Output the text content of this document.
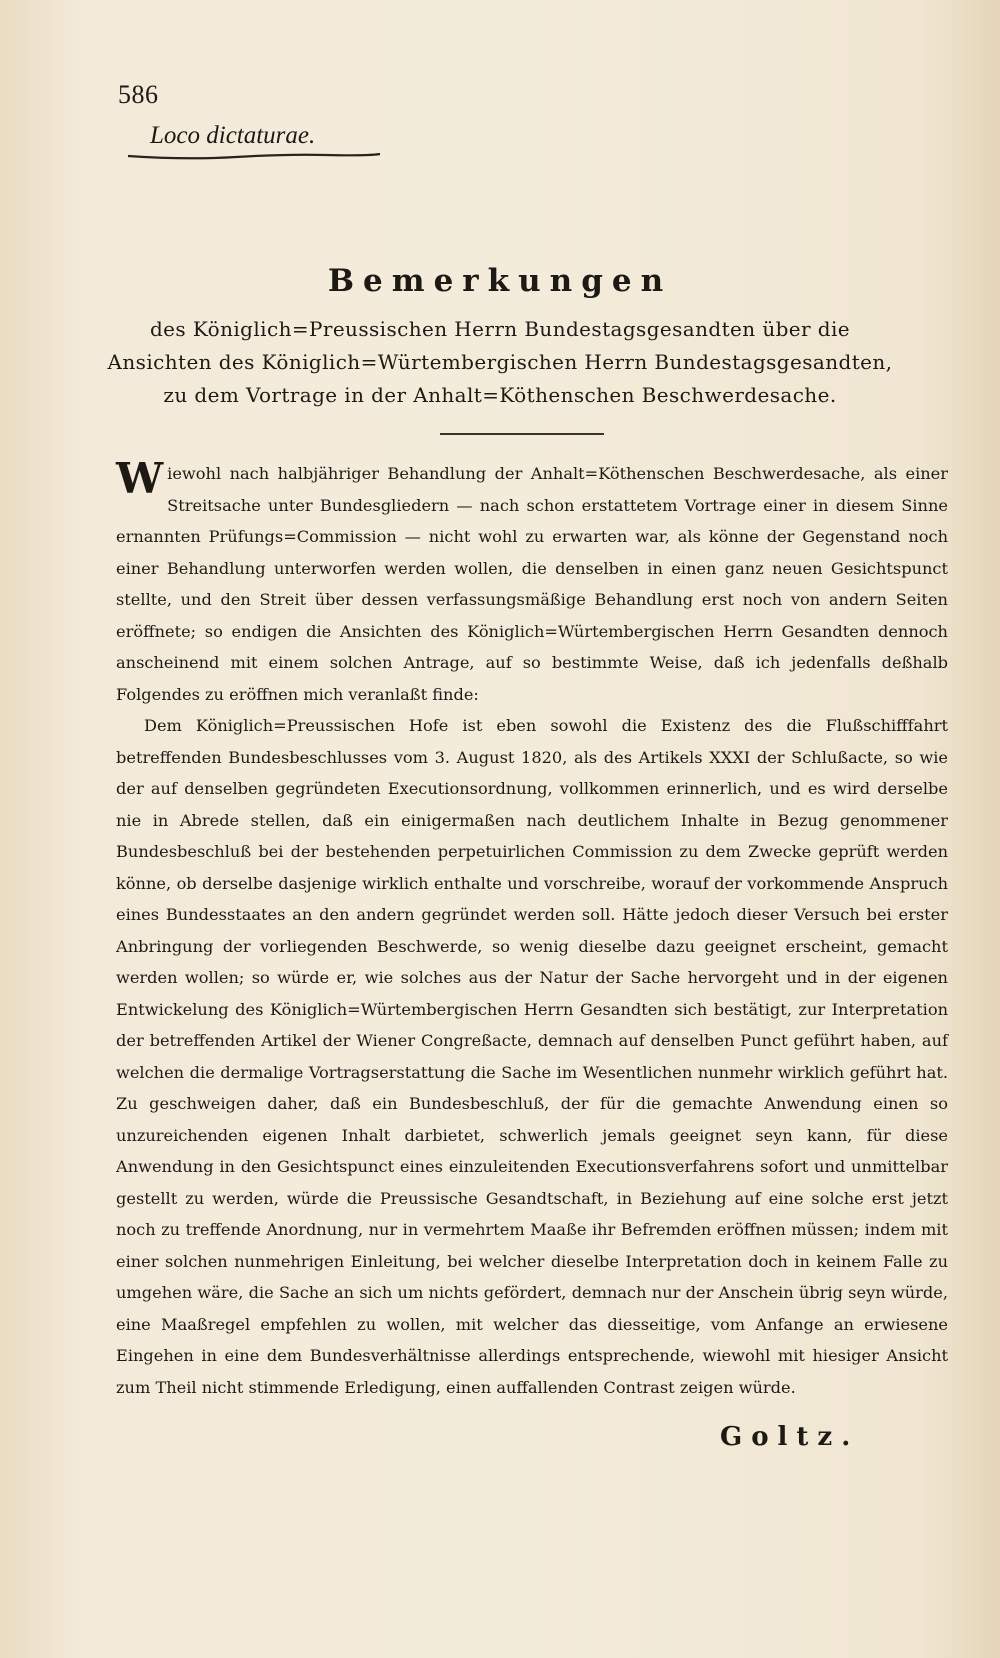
586
Loco dictaturae.
Bemerkungen
des Königlich=Preussischen Herrn Bundestagsgesandten über die Ansichten des Königlich=Würtembergischen Herrn Bundestagsgesandten, zu dem Vortrage in der Anhalt=Köthenschen Beschwerdesache.

Wiewohl nach halbjähriger Behandlung der Anhalt=Köthenschen Beschwerdesache, als einer Streitsache unter Bundesgliedern — nach schon erstattetem Vortrage einer in diesem Sinne ernannten Prüfungs=Commission — nicht wohl zu erwarten war, als könne der Gegenstand noch einer Behandlung unterworfen werden wollen, die denselben in einen ganz neuen Gesichtspunct stellte, und den Streit über dessen verfassungsmäßige Behandlung erst noch von andern Seiten eröffnete; so endigen die Ansichten des Königlich=Würtembergischen Herrn Gesandten dennoch anscheinend mit einem solchen Antrage, auf so bestimmte Weise, daß ich jedenfalls deßhalb Folgendes zu eröffnen mich veranlaßt finde:

Dem Königlich=Preussischen Hofe ist eben sowohl die Existenz des die Flußschifffahrt betreffenden Bundesbeschlusses vom 3. August 1820, als des Artikels XXXI der Schlußacte, so wie der auf denselben gegründeten Executionsordnung, vollkommen erinnerlich, und es wird derselbe nie in Abrede stellen, daß ein einigermaßen nach deutlichem Inhalte in Bezug genommener Bundesbeschluß bei der bestehenden perpetuirlichen Commission zu dem Zwecke geprüft werden könne, ob derselbe dasjenige wirklich enthalte und vorschreibe, worauf der vorkommende Anspruch eines Bundesstaates an den andern gegründet werden soll. Hätte jedoch dieser Versuch bei erster Anbringung der vorliegenden Beschwerde, so wenig dieselbe dazu geeignet erscheint, gemacht werden wollen; so würde er, wie solches aus der Natur der Sache hervorgeht und in der eigenen Entwickelung des Königlich=Würtembergischen Herrn Gesandten sich bestätigt, zur Interpretation der betreffenden Artikel der Wiener Congreßacte, demnach auf denselben Punct geführt haben, auf welchen die dermalige Vortragserstattung die Sache im Wesentlichen nunmehr wirklich geführt hat. Zu geschweigen daher, daß ein Bundesbeschluß, der für die gemachte Anwendung einen so unzureichenden eigenen Inhalt darbietet, schwerlich jemals geeignet seyn kann, für diese Anwendung in den Gesichtspunct eines einzuleitenden Executionsverfahrens sofort und unmittelbar gestellt zu werden, würde die Preussische Gesandtschaft, in Beziehung auf eine solche erst jetzt noch zu treffende Anordnung, nur in vermehrtem Maaße ihr Befremden eröffnen müssen; indem mit einer solchen nunmehrigen Einleitung, bei welcher dieselbe Interpretation doch in keinem Falle zu umgehen wäre, die Sache an sich um nichts gefördert, demnach nur der Anschein übrig seyn würde, eine Maaßregel empfehlen zu wollen, mit welcher das diesseitige, vom Anfange an erwiesene Eingehen in eine dem Bundesverhältnisse allerdings entsprechende, wiewohl mit hiesiger Ansicht zum Theil nicht stimmende Erledigung, einen auffallenden Contrast zeigen würde.

Goltz.
